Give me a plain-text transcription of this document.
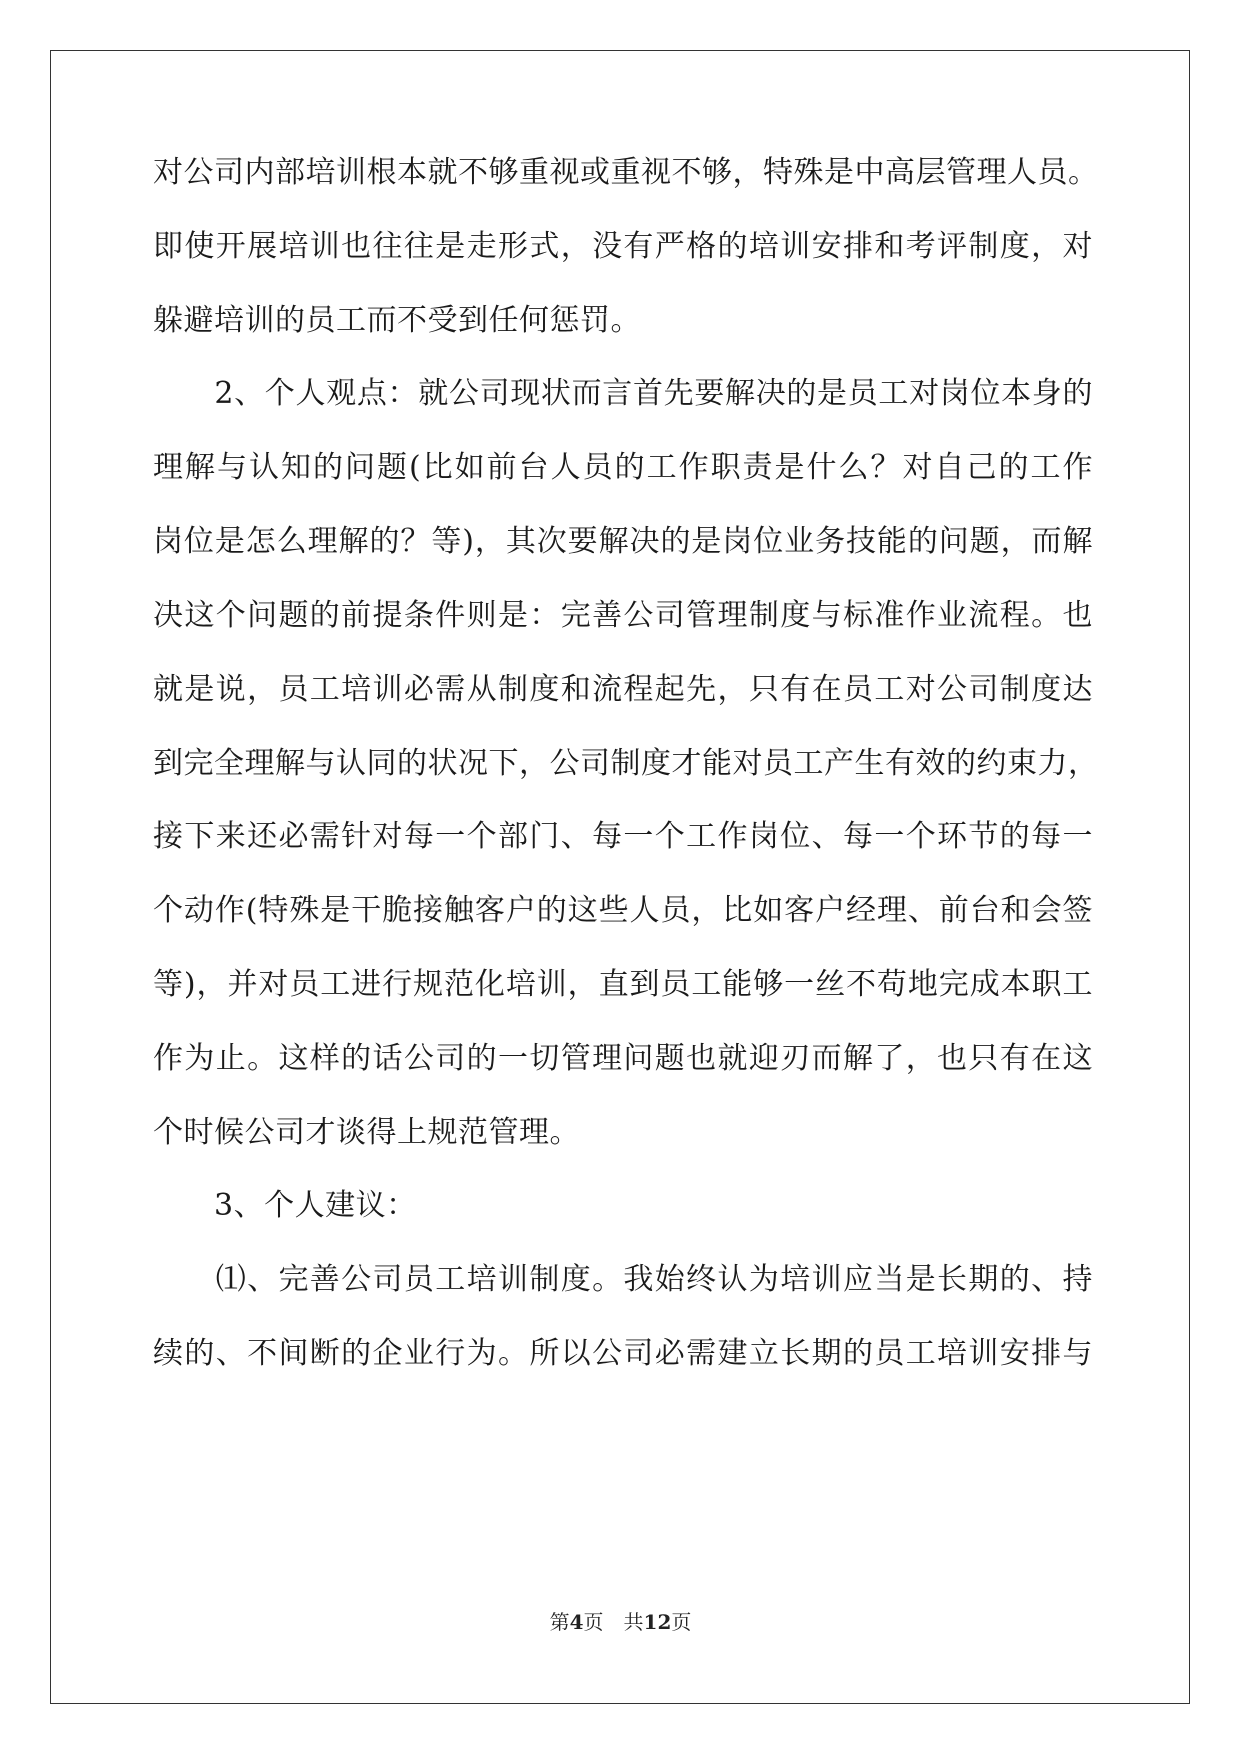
对公司内部培训根本就不够重视或重视不够，特殊是中高层管理人员。
即使开展培训也往往是走形式，没有严格的培训安排和考评制度，对
躲避培训的员工而不受到任何惩罚。
　　2、个人观点：就公司现状而言首先要解决的是员工对岗位本身的
理解与认知的问题(比如前台人员的工作职责是什么？对自己的工作
岗位是怎么理解的？等)，其次要解决的是岗位业务技能的问题，而解
决这个问题的前提条件则是：完善公司管理制度与标准作业流程。也
就是说，员工培训必需从制度和流程起先，只有在员工对公司制度达
到完全理解与认同的状况下，公司制度才能对员工产生有效的约束力，
接下来还必需针对每一个部门、每一个工作岗位、每一个环节的每一
个动作(特殊是干脆接触客户的这些人员，比如客户经理、前台和会签
等)，并对员工进行规范化培训，直到员工能够一丝不苟地完成本职工
作为止。这样的话公司的一切管理问题也就迎刃而解了，也只有在这
个时候公司才谈得上规范管理。
　　3、个人建议：
　　⑴、完善公司员工培训制度。我始终认为培训应当是长期的、持
续的、不间断的企业行为。所以公司必需建立长期的员工培训安排与
第4页　 共12页
